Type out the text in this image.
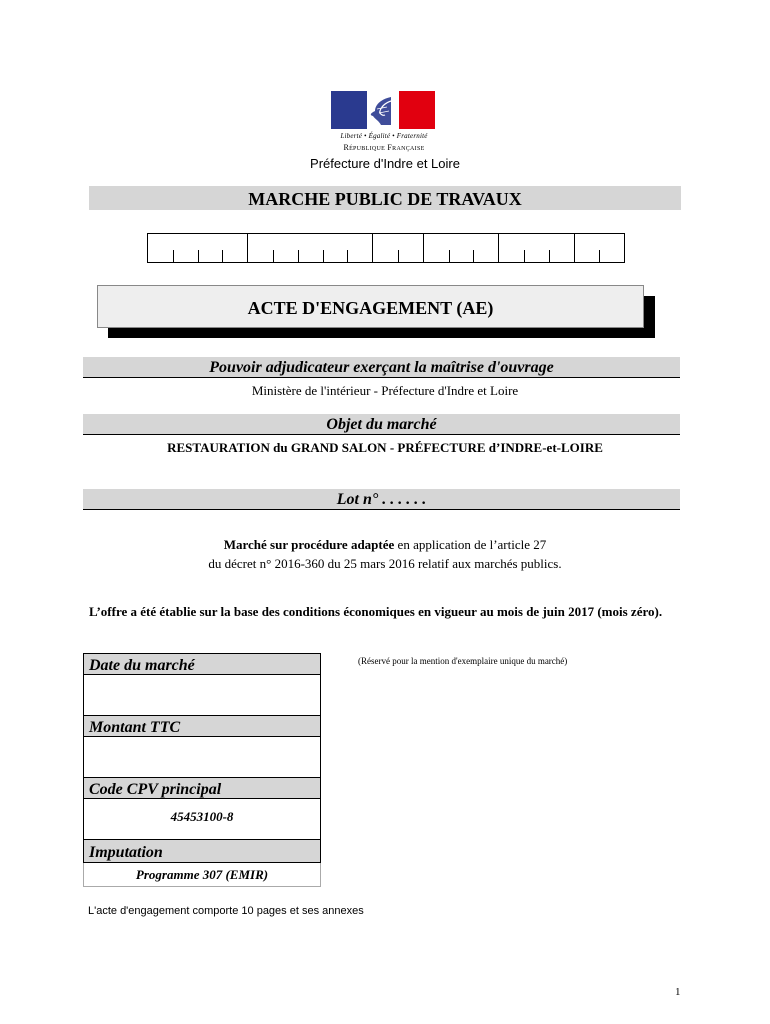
Liberté • Égalité • Fraternité
République Française
Préfecture d'Indre et Loire
MARCHE PUBLIC DE TRAVAUX
ACTE D'ENGAGEMENT (AE)
Pouvoir adjudicateur exerçant la maîtrise d'ouvrage
Ministère de l'intérieur - Préfecture d'Indre et Loire
Objet du marché
RESTAURATION du GRAND SALON - PRÉFECTURE d’INDRE-et-LOIRE
Lot n° . . . . . .
Marché sur procédure adaptée en application de l’article 27
du décret n° 2016-360 du 25 mars 2016 relatif aux marchés publics.
L’offre a été établie sur la base des conditions économiques en vigueur au mois de juin 2017 (mois zéro).
Date du marché
Montant TTC
Code CPV principal
45453100-8
Imputation
Programme 307 (EMIR)
(Réservé pour la mention d'exemplaire unique du marché)
L'acte d'engagement comporte 10 pages et ses annexes
1
